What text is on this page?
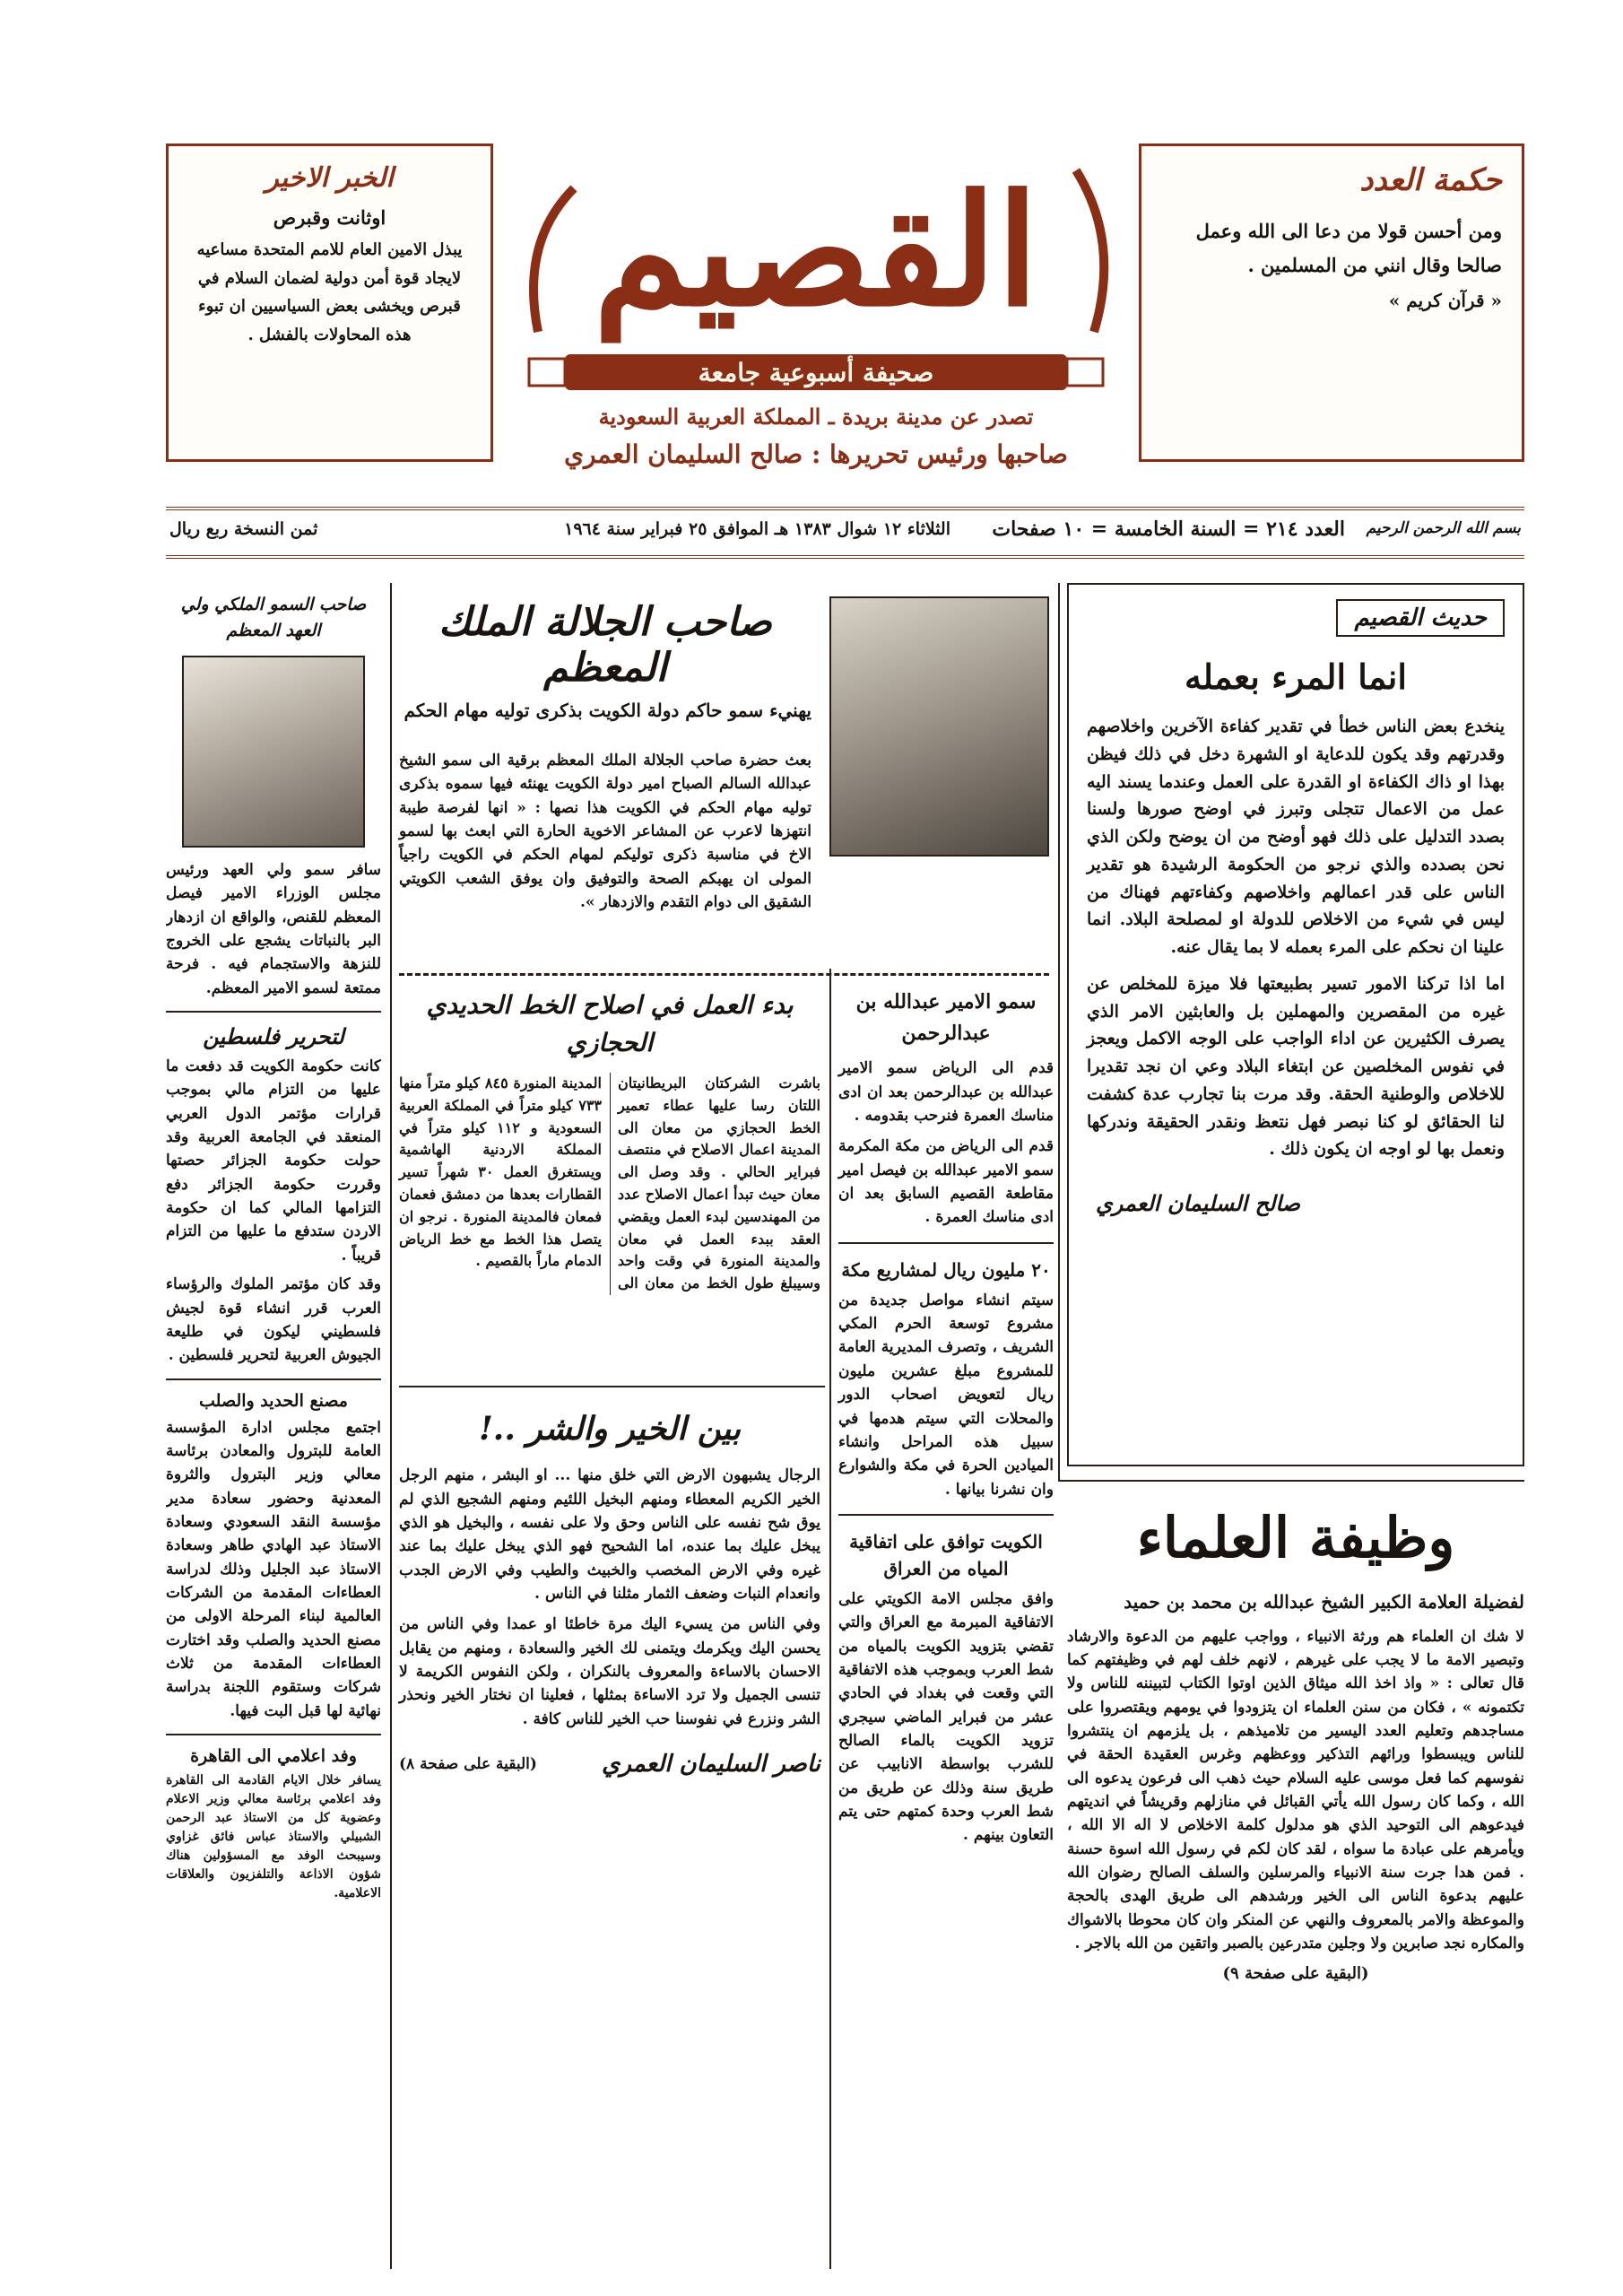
القصيم
صحيفة أسبوعية جامعة
تصدر عن مدينة بريدة ـ المملكة العربية السعودية
صاحبها ورئيس تحريرها : صالح السليمان العمري
حكمة العدد
ومن أحسن قولا من دعا الى الله وعمل صالحا وقال انني من المسلمين .
« قرآن كريم »
الخبر الاخير
اوثانت وقبرص
يبذل الامين العام للامم المتحدة مساعيه لايجاد قوة أمن دولية لضمان السلام في قبرص ويخشى بعض السياسيين ان تبوء هذه المحاولات بالفشل .
بسم الله الرحمن الرحيم
العدد ٢١٤ = السنة الخامسة = ١٠ صفحات
الثلاثاء ١٢ شوال ١٣٨٣ هـ الموافق ٢٥ فبراير سنة ١٩٦٤
ثمن النسخة ربع ريال
حديث القصيم
انما المرء بعمله
ينخدع بعض الناس خطأ في تقدير كفاءة الآخرين واخلاصهم وقدرتهم وقد يكون للدعاية او الشهرة دخل في ذلك فيظن بهذا او ذاك الكفاءة او القدرة على العمل وعندما يسند اليه عمل من الاعمال تتجلى وتبرز في اوضح صورها ولسنا بصدد التدليل على ذلك فهو أوضح من ان يوضح ولكن الذي نحن بصدده والذي نرجو من الحكومة الرشيدة هو تقدير الناس على قدر اعمالهم واخلاصهم وكفاءتهم فهناك من ليس في شيء من الاخلاص للدولة او لمصلحة البلاد. انما علينا ان نحكم على المرء بعمله لا بما يقال عنه.
اما اذا تركنا الامور تسير بطبيعتها فلا ميزة للمخلص عن غيره من المقصرين والمهملين بل والعابثين الامر الذي يصرف الكثيرين عن اداء الواجب على الوجه الاكمل ويعجز في نفوس المخلصين عن ابتغاء البلاد وعي ان نجد تقديرا للاخلاص والوطنية الحقة. وقد مرت بنا تجارب عدة كشفت لنا الحقائق لو كنا نبصر فهل نتعظ ونقدر الحقيقة وندركها ونعمل بها لو اوجه ان يكون ذلك .
صالح السليمان العمري
وظيفة العلماء
لفضيلة العلامة الكبير الشيخ عبدالله بن محمد بن حميد
لا شك ان العلماء هم ورثة الانبياء ، وواجب عليهم من الدعوة والارشاد وتبصير الامة ما لا يجب على غيرهم ، لانهم خلف لهم في وظيفتهم كما قال تعالى : « واذ اخذ الله ميثاق الذين اوتوا الكتاب لتبيننه للناس ولا تكتمونه » ، فكان من سنن العلماء ان يتزودوا في يومهم ويقتصروا على مساجدهم وتعليم العدد اليسير من تلاميذهم ، بل يلزمهم ان ينتشروا للناس ويبسطوا ورائهم التذكير ووعظهم وغرس العقيدة الحقة في نفوسهم كما فعل موسى عليه السلام حيث ذهب الى فرعون يدعوه الى الله ، وكما كان رسول الله يأتي القبائل في منازلهم وقريشاً في انديتهم فيدعوهم الى التوحيد الذي هو مدلول كلمة الاخلاص لا اله الا الله ، ويأمرهم على عبادة ما سواه ، لقد كان لكم في رسول الله اسوة حسنة . فمن هدا جرت سنة الانبياء والمرسلين والسلف الصالح رضوان الله عليهم بدعوة الناس الى الخير ورشدهم الى طريق الهدى بالحجة والموعظة والامر بالمعروف والنهي عن المنكر وان كان محوطا بالاشواك والمكاره نجد صابرين ولا وجلين متدرعين بالصبر واتقين من الله بالاجر .
(البقية على صفحة ٩)
صاحب الجلالة الملك المعظم
يهنيء سمو حاكم دولة الكويت بذكرى توليه مهام الحكم
بعث حضرة صاحب الجلالة الملك المعظم برقية الى سمو الشيخ عبدالله السالم الصباح امير دولة الكويت يهنئه فيها سموه بذكرى توليه مهام الحكم في الكويت هذا نصها : « انها لفرصة طيبة انتهزها لاعرب عن المشاعر الاخوية الحارة التي ابعث بها لسمو الاخ في مناسبة ذكرى توليكم لمهام الحكم في الكويت راجياً المولى ان يهبكم الصحة والتوفيق وان يوفق الشعب الكويتي الشقيق الى دوام التقدم والازدهار ».
سمو الامير عبدالله بن عبدالرحمن
قدم الى الرياض سمو الامير عبدالله بن عبدالرحمن بعد ان ادى مناسك العمرة فنرحب بقدومه .
قدم الى الرياض من مكة المكرمة سمو الامير عبدالله بن فيصل امير مقاطعة القصيم السابق بعد ان ادى مناسك العمرة .
٢٠ مليون ريال لمشاريع مكة
سيتم انشاء مواصل جديدة من مشروع توسعة الحرم المكي الشريف ، وتصرف المديرية العامة للمشروع مبلغ عشرين مليون ريال لتعويض اصحاب الدور والمحلات التي سيتم هدمها في سبيل هذه المراحل وانشاء الميادين الحرة في مكة والشوارع وان نشرنا بيانها .
الكويت توافق على اتفاقية المياه من العراق
وافق مجلس الامة الكويتي على الاتفاقية المبرمة مع العراق والتي تقضي بتزويد الكويت بالمياه من شط العرب وبموجب هذه الاتفاقية التي وقعت في بغداد في الحادي عشر من فبراير الماضي سيجري تزويد الكويت بالماء الصالح للشرب بواسطة الانابيب عن طريق سنة وذلك عن طريق من شط العرب وحدة كمتهم حتى يتم التعاون بينهم .
بدء العمل في اصلاح الخط الحديدي الحجازي
باشرت الشركتان البريطانيتان اللتان رسا عليها عطاء تعمير الخط الحجازي من معان الى المدينة اعمال الاصلاح في منتصف فبراير الحالي . وقد وصل الى معان حيث تبدأ اعمال الاصلاح عدد من المهندسين لبدء العمل ويقضي العقد ببدء العمل في معان والمدينة المنورة في وقت واحد وسيبلغ طول الخط من معان الى المدينة المنورة ٨٤٥ كيلو متراً منها ٧٣٣ كيلو متراً في المملكة العربية السعودية و ١١٢ كيلو متراً في المملكة الاردنية الهاشمية ويستغرق العمل ٣٠ شهراً تسير القطارات بعدها من دمشق فعمان فمعان فالمدينة المنورة . نرجو ان يتصل هذا الخط مع خط الرياض الدمام ماراً بالقصيم .
بين الخير والشر ..!
الرجال يشبهون الارض التي خلق منها ... او البشر ، منهم الرجل الخير الكريم المعطاء ومنهم البخيل اللئيم ومنهم الشجيع الذي لم يوق شح نفسه على الناس وحق ولا على نفسه ، والبخيل هو الذي يبخل عليك بما عنده، اما الشحيح فهو الذي يبخل عليك بما عند غيره وفي الارض المخصب والخبيث والطيب وفي الارض الجدب وانعدام النبات وضعف الثمار مثلنا في الناس .
وفي الناس من يسيء اليك مرة خاطئا او عمدا وفي الناس من يحسن اليك ويكرمك ويتمنى لك الخير والسعادة ، ومنهم من يقابل الاحسان بالاساءة والمعروف بالنكران ، ولكن النفوس الكريمة لا تنسى الجميل ولا ترد الاساءة بمثلها ، فعلينا ان نختار الخير ونحذر الشر ونزرع في نفوسنا حب الخير للناس كافة .
ناصر السليمان العمري
(البقية على صفحة ٨)
صاحب السمو الملكي ولي العهد المعظم
سافر سمو ولي العهد ورئيس مجلس الوزراء الامير فيصل المعظم للقنص، والواقع ان ازدهار البر بالنباتات يشجع على الخروج للنزهة والاستجمام فيه . فرحة ممتعة لسمو الامير المعظم.
لتحرير فلسطين
كانت حكومة الكويت قد دفعت ما عليها من التزام مالي بموجب قرارات مؤتمر الدول العربي المنعقد في الجامعة العربية وقد حولت حكومة الجزائر حصتها وقررت حكومة الجزائر دفع التزامها المالي كما ان حكومة الاردن ستدفع ما عليها من التزام قريباً .
وقد كان مؤتمر الملوك والرؤساء العرب قرر انشاء قوة لجيش فلسطيني ليكون في طليعة الجيوش العربية لتحرير فلسطين .
مصنع الحديد والصلب
اجتمع مجلس ادارة المؤسسة العامة للبترول والمعادن برئاسة معالي وزير البترول والثروة المعدنية وحضور سعادة مدير مؤسسة النقد السعودي وسعادة الاستاذ عبد الهادي طاهر وسعادة الاستاذ عبد الجليل وذلك لدراسة العطاءات المقدمة من الشركات العالمية لبناء المرحلة الاولى من مصنع الحديد والصلب وقد اختارت العطاءات المقدمة من ثلاث شركات وستقوم اللجنة بدراسة نهائية لها قبل البت فيها.
وفد اعلامي الى القاهرة
يسافر خلال الايام القادمة الى القاهرة وفد اعلامي برئاسة معالي وزير الاعلام وعضوية كل من الاستاذ عبد الرحمن الشبيلي والاستاذ عباس فائق غزاوي وسيبحث الوفد مع المسؤولين هناك شؤون الاذاعة والتلفزيون والعلاقات الاعلامية.
